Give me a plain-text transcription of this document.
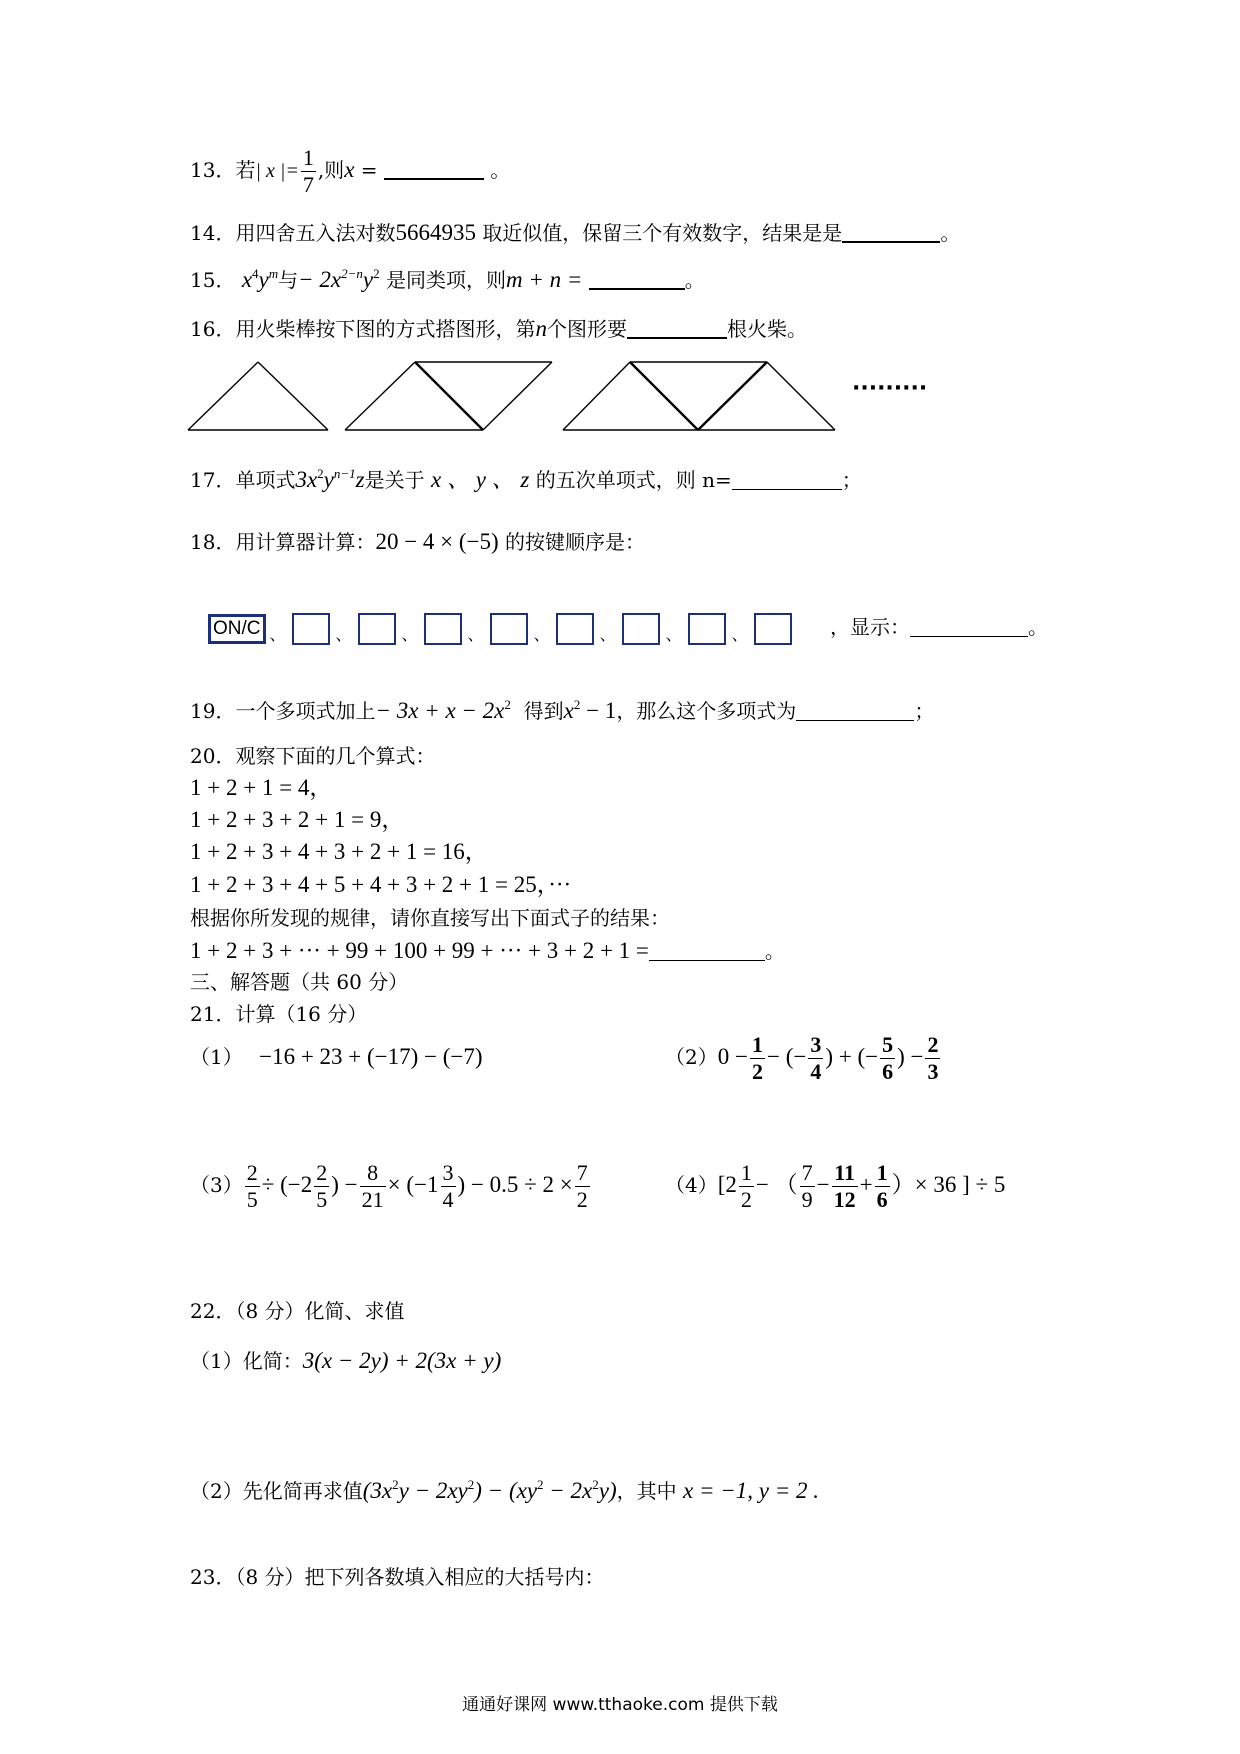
13．若| x |= $\frac{1}{7}$ ,则x =	。
14．用四舍五入法对数5664935 取近似值，保留三个有效数字，结果是是	。
15． $x^4y^m$与− $2x^{2-n}y^2$ 是同类项，则m + n =	。
16．用火柴棒按下图的方式搭图形，第n个图形要	根火柴。
·········
17．单项式$3x^2y^{n-1}z$是关于 x 、 y 、 z 的五次单项式，则 n=	；
18．用计算器计算：20 − 4 × (−5) 的按键顺序是：
ON/C $_、$	$_、$	$_、$	$_、$	$_、$	$_、$	$_、$	$_、$	，显示：	。
19．一个多项式加上− $3x + x - 2x^2$ 得到$x^2 - 1$，那么这个多项式为	；
20．观察下面的几个算式：
1 + 2 + 1 = 4，
1 + 2 + 3 + 2 + 1 = 9，
1 + 2 + 3 + 4 + 3 + 2 + 1 = 16，
1 + 2 + 3 + 4 + 5 + 4 + 3 + 2 + 1 = 25，···
根据你所发现的规律，请你直接写出下面式子的结果：
1 + 2 + 3 + ··· + 99 + 100 + 99 + ··· + 3 + 2 + 1 =	。
三、解答题（共 60 分）
21．计算（16 分）
（1） −16 + 23 + (−17) − (−7)	$(2)0 - \frac{1}{2}$ − (− $\frac{3}{4}$ ) + (− $\frac{5}{6}$ ) − $\frac{2}{3}$
$(3) \frac{2}{5} \div (-2 \frac{2}{5}$ ) − $\frac{8}{21} \times (-1 \frac{3}{4}$ ) − $0.5 \div 2 \times \frac{7}{2}$	$(4)[2 \frac{1}{2}$ − （ $\frac{7}{9} - \frac{11}{12} + \frac{1}{6}$ ）× 36 ] ÷ 5
22．（8 分）化简、求值
（1）化简：3(x − 2y) + 2(3x + y)
（2）先化简再求值$(3x^2y - 2xy^2) - (xy^2 - 2x^2y)$，其中 x = −1, y = 2 .
23．（8 分）把下列各数填入相应的大括号内：
通通好课网 www.tthaoke.com 提供下载
